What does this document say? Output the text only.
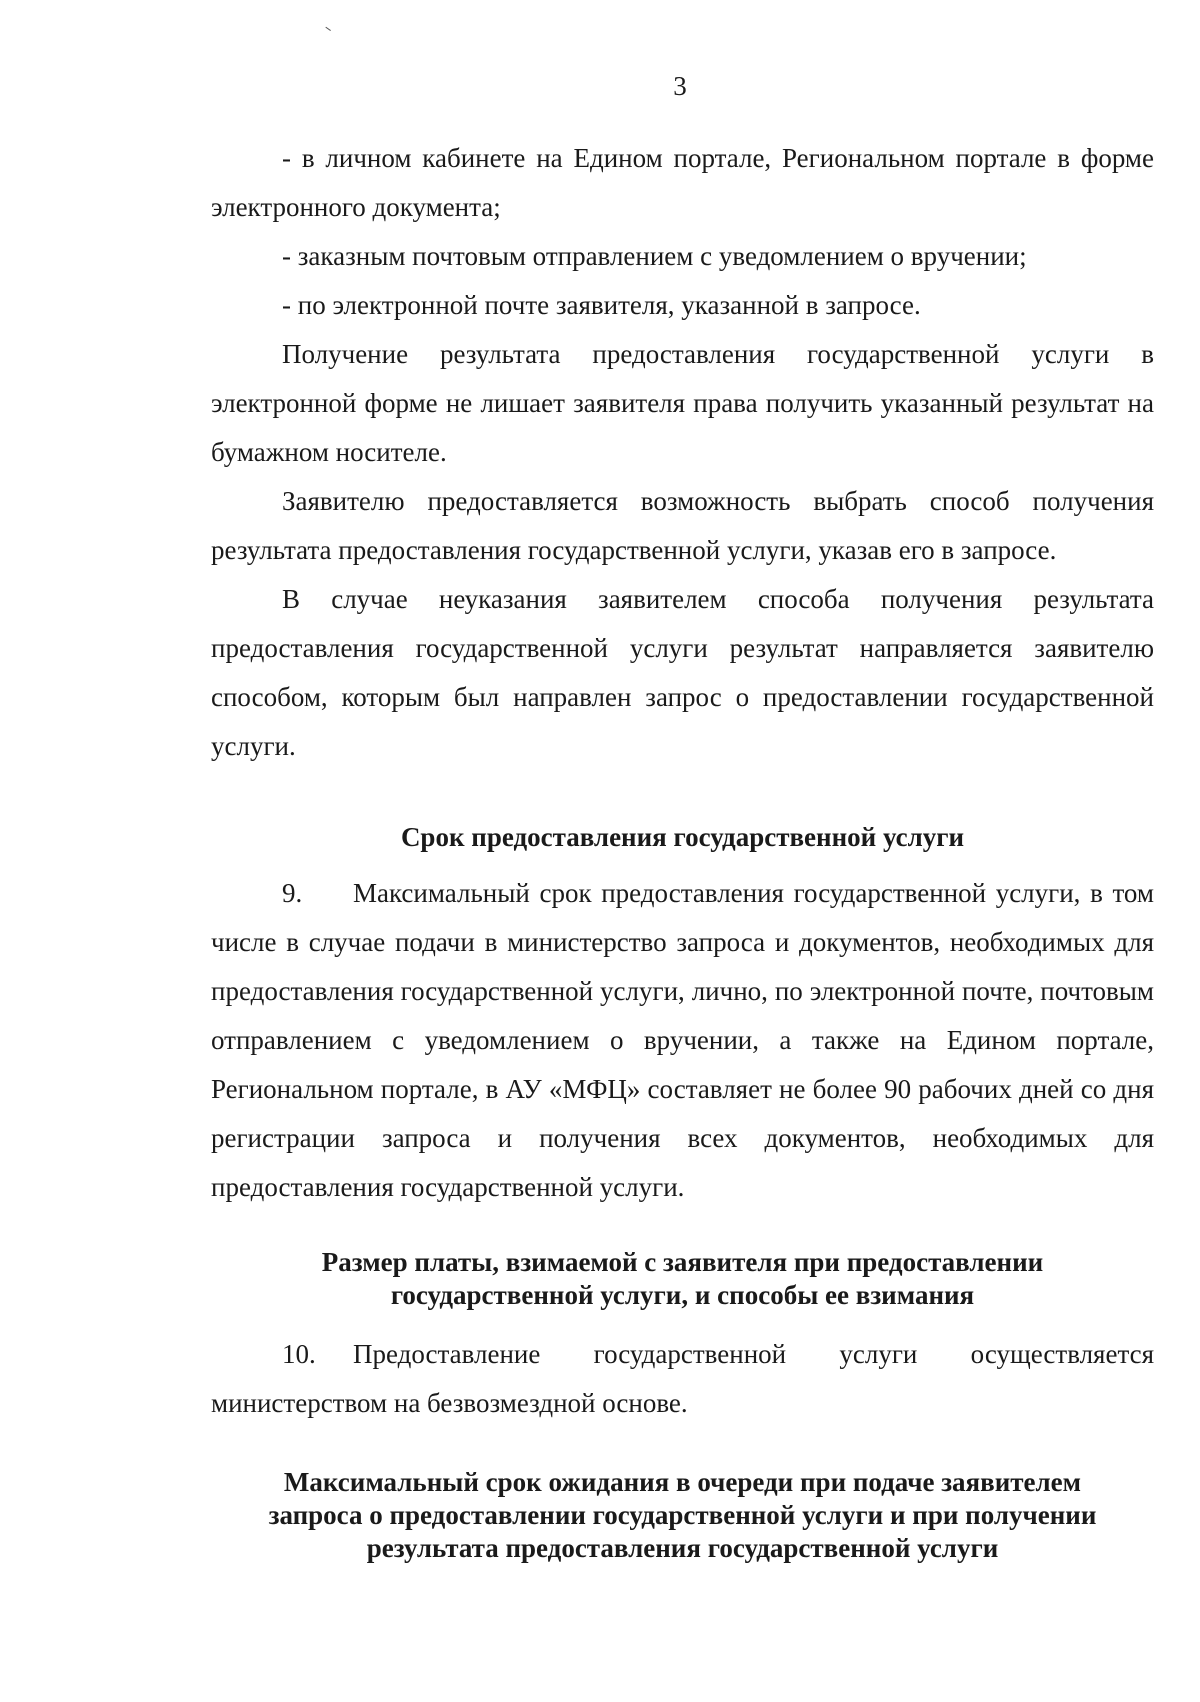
3

- в личном кабинете на Едином портале, Региональном портале в форме электронного документа;

- заказным почтовым отправлением с уведомлением о вручении;

- по электронной почте заявителя, указанной в запросе.

Получение результата предоставления государственной услуги в электронной форме не лишает заявителя права получить указанный результат на бумажном носителе.

Заявителю предоставляется возможность выбрать способ получения результата предоставления государственной услуги, указав его в запросе.

В случае неуказания заявителем способа получения результата предоставления государственной услуги результат направляется заявителю способом, которым был направлен запрос о предоставлении государственной услуги.

Срок предоставления государственной услуги

9. Максимальный срок предоставления государственной услуги, в том числе в случае подачи в министерство запроса и документов, необходимых для предоставления государственной услуги, лично, по электронной почте, почтовым отправлением с уведомлением о вручении, а также на Едином портале, Региональном портале, в АУ «МФЦ» составляет не более 90 рабочих дней со дня регистрации запроса и получения всех документов, необходимых для предоставления государственной услуги.

Размер платы, взимаемой с заявителя при предоставлении

государственной услуги, и способы ее взимания

10. Предоставление государственной услуги осуществляется министерством на безвозмездной основе.

Максимальный срок ожидания в очереди при подаче заявителем

запроса о предоставлении государственной услуги и при получении

результата предоставления государственной услуги
